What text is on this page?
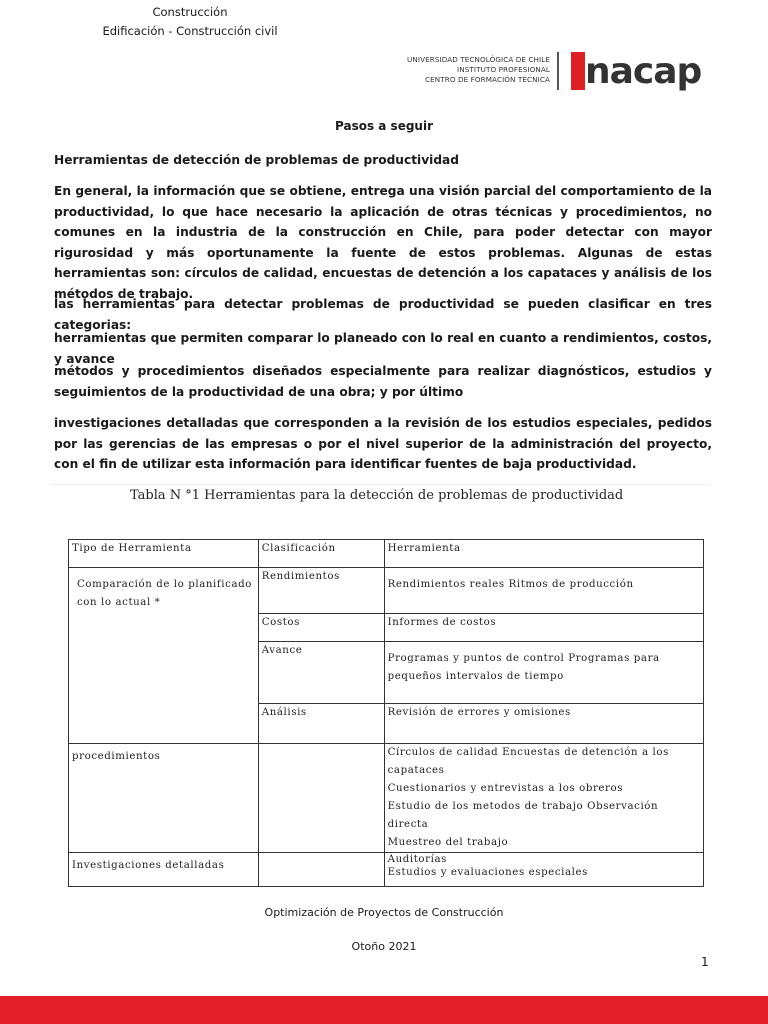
Construcción
Edificación - Construcción civil
UNIVERSIDAD TECNOLÓGICA DE CHILE
INSTITUTO PROFESIONAL
CENTRO DE FORMACIÓN TÉCNICA nacap
Pasos a seguir
Herramientas de detección de problemas de productividad
En general, la información que se obtiene, entrega una visión parcial del comportamiento de la productividad, lo que hace necesario la aplicación de otras técnicas y procedimientos, no comunes en la industria de la construcción en Chile, para poder detectar con mayor rigurosidad y más oportunamente la fuente de estos problemas. Algunas de estas herramientas son: círculos de calidad, encuestas de detención a los capataces y análisis de los métodos de trabajo.
las herramientas para detectar problemas de productividad se pueden clasificar en tres categorias:
herramientas que permiten comparar lo planeado con lo real en cuanto a rendimientos, costos, y avance
métodos y procedimientos diseñados especialmente para realizar diagnósticos, estudios y seguimientos de la productividad de una obra; y por último
investigaciones detalladas que corresponden a la revisión de los estudios especiales, pedidos por las gerencias de las empresas o por el nivel superior de la administración del proyecto, con el fin de utilizar esta información para identificar fuentes de baja productividad.
Tabla N °1 Herramientas para la detección de problemas de productividad
Tipo de Herramienta	Clasificación	Herramienta
Comparación de lo planificado con lo actual *	Rendimientos	Rendimientos reales Ritmos de producción
	Costos	Informes de costos
	Avance	Programas y puntos de control Programas para pequeños intervalos de tiempo
	Análisis	Revisión de errores y omisiones
procedimientos		Círculos de calidad Encuestas de detención a los capataces
Cuestionarios y entrevistas a los obreros
Estudio de los metodos de trabajo Observación directa
Muestreo del trabajo

Investigaciones detalladas		Auditorías
Estudios y evaluaciones especiales
Optimización de Proyectos de Construcción
Otoño 2021
1
